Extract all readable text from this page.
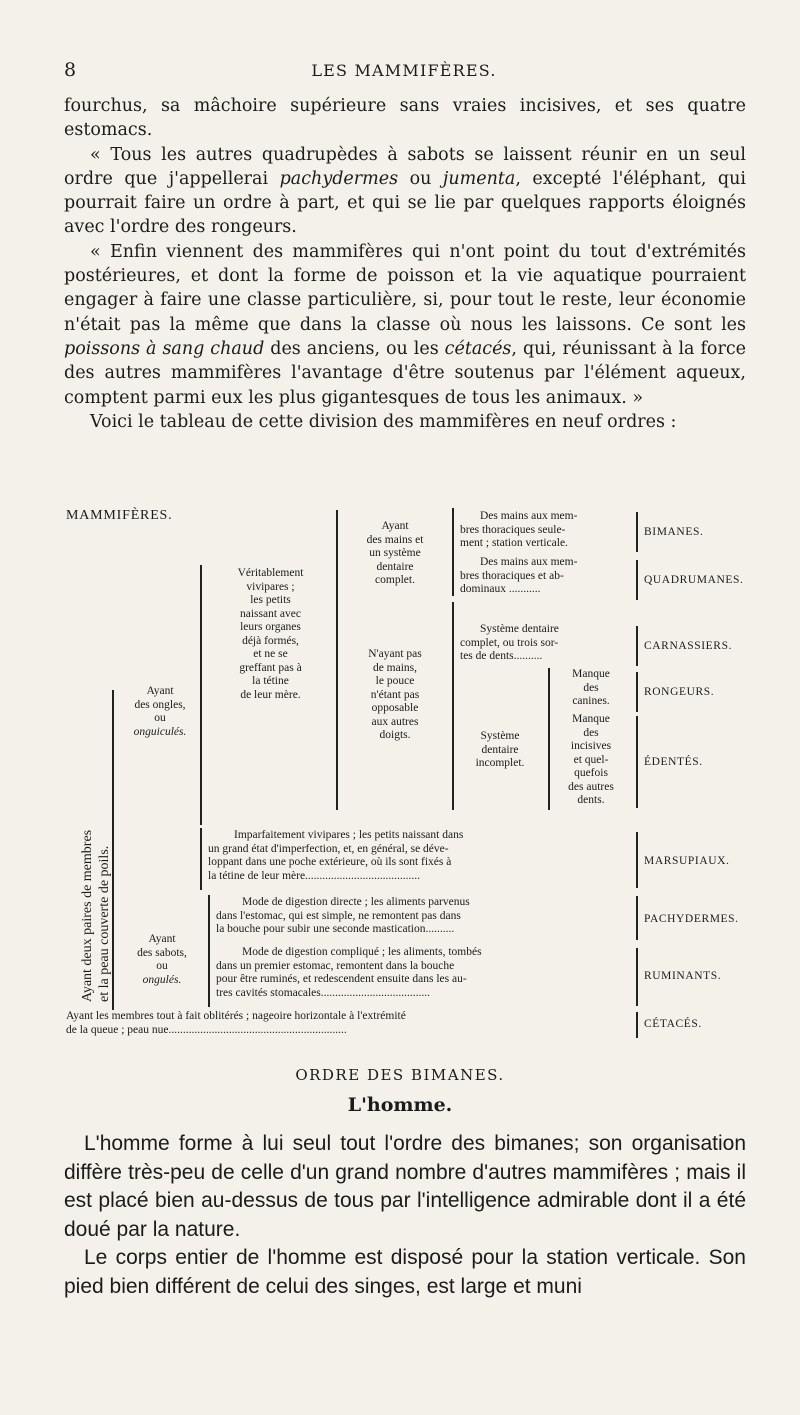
8	LES MAMMIFÈRES.

fourchus, sa mâchoire supérieure sans vraies incisives, et ses quatre estomacs.

« Tous les autres quadrupèdes à sabots se laissent réunir en un seul ordre que j'appellerai pachydermes ou jumenta, excepté l'éléphant, qui pourrait faire un ordre à part, et qui se lie par quelques rapports éloignés avec l'ordre des rongeurs.

« Enfin viennent des mammifères qui n'ont point du tout d'extrémités postérieures, et dont la forme de poisson et la vie aquatique pourraient engager à faire une classe particulière, si, pour tout le reste, leur économie n'était pas la même que dans la classe où nous les laissons. Ce sont les poissons à sang chaud des anciens, ou les cétacés, qui, réunissant à la force des autres mammifères l'avantage d'être soutenus par l'élément aqueux, comptent parmi eux les plus gigantesques de tous les animaux. »

Voici le tableau de cette division des mammifères en neuf ordres :

MAMMIFÈRES.
Ayant deux paires de membres et la peau couverte de poils.
Ayant
des ongles,
ou
onguiculés.
Véritablement
vivipares ;
les petits
naissant avec
leurs organes
déjà formés,
et ne se
greffant pas à
la tétine
de leur mère.
Ayant
des mains et
un système
dentaire
complet.
N'ayant pas
de mains,
le pouce
n'étant pas
opposable
aux autres
doigts.
Des mains aux mem-
bres thoraciques seule-
ment ; station verticale.
Des mains aux mem-
bres thoraciques et ab-
dominaux ...........
Système dentaire
complet, ou trois sor-
tes de dents..........
Système
dentaire
incomplet.
Manque
des
canines.
Manque
des
incisives
et quel-
quefois
des autres
dents.
BIMANES.
QUADRUMANES.
CARNASSIERS.
RONGEURS.
ÉDENTÉS.
Imparfaitement vivipares ; les petits naissant dans
un grand état d'imperfection, et, en général, se déve-
loppant dans une poche extérieure, où ils sont fixés à
la tétine de leur mère........................................
MARSUPIAUX.
Ayant
des sabots,
ou
ongulés.
Mode de digestion directe ; les aliments parvenus
dans l'estomac, qui est simple, ne remontent pas dans
la bouche pour subir une seconde mastication..........
PACHYDERMES.
Mode de digestion compliqué ; les aliments, tombés
dans un premier estomac, remontent dans la bouche
pour être ruminés, et redescendent ensuite dans les au-
tres cavités stomacales......................................
RUMINANTS.
Ayant les membres tout à fait oblitérés ; nageoire horizontale à l'extrémité
de la queue ; peau nue..............................................................	CÉTACÉS.
ORDRE DES BIMANES.
L'homme.

L'homme forme à lui seul tout l'ordre des bimanes; son organisation diffère très-peu de celle d'un grand nombre d'autres mammifères ; mais il est placé bien au-dessus de tous par l'intelligence admirable dont il a été doué par la nature.

Le corps entier de l'homme est disposé pour la station verticale. Son pied bien différent de celui des singes, est large et muni
